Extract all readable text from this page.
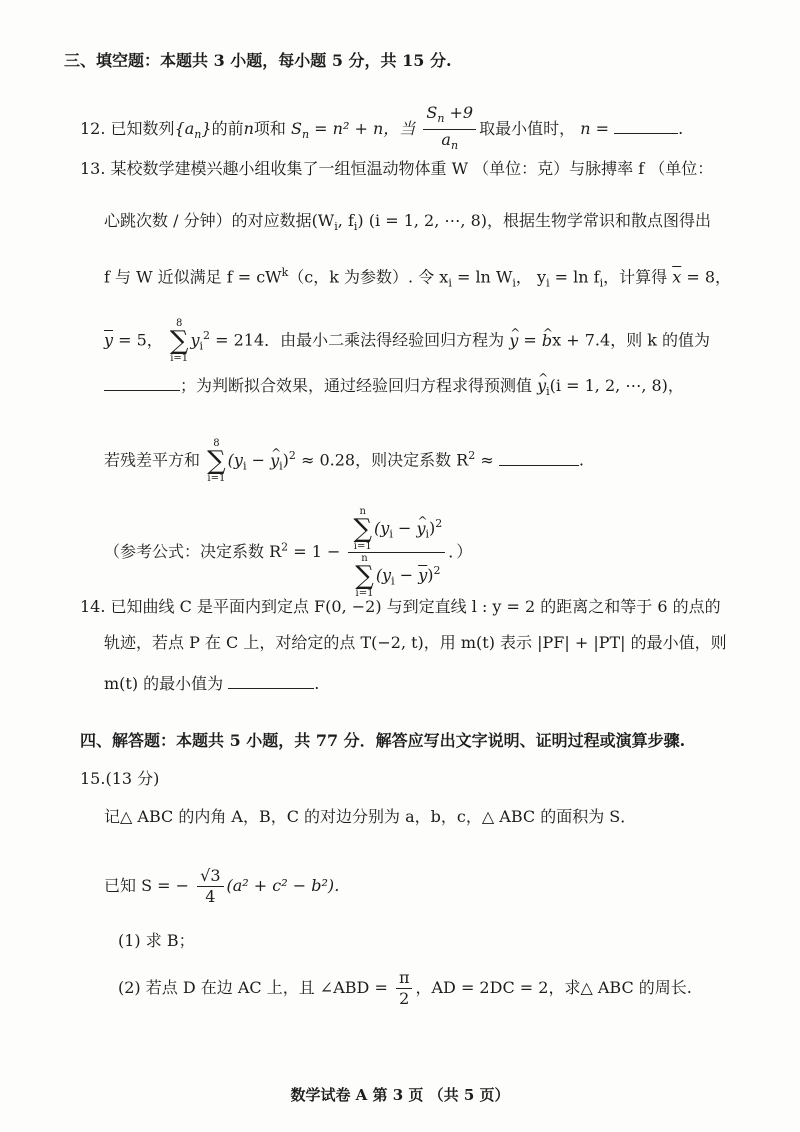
三、填空题：本题共 3 小题，每小题 5 分，共 15 分.
12. 已知数列$\{a_n\}$的前n项和 $S_n = n^2 + n$，当 $\frac{S_n +9}{a_n}$ 取最小值时， n =	.
13. 某校数学建模兴趣小组收集了一组恒温动物体重 W （单位：克）与脉搏率 f （单位：
心跳次数 / 分钟）的对应数据($W_i$, $f_i$) (i = 1, 2, ⋯, 8)，根据生物学常识和散点图得出
f 与 W 近似满足 $f = cW^k(c$，k 为参数）. 令 $x_i = \ln W_i$， $y_i = \ln f_i$，计算得 $\overline{x} = 8$，
$\overline{y} = 5$，
8
∑
i=1
$y_i^2 = 214$．由最小二乘法得经验回归方程为 ^ y = ^ bx + 7.4，则 k 的值为
；为判断拟合效果，通过经验回归方程求得预测值 ^ $y_i(i = 1$, 2, ⋯, 8)，
若残差平方和
8
∑
i=1
($y_i$ − ^ $y_i)^2 \approx 0.28$，则决定系数 $R^2$ ≈	.
（参考公式：决定系数 $R^2 = 1 - n$
∑
i=1
($y_i$ − ^ $y_i)^2$
n
∑
i=1
$(y_i - \overline{y})^2$ ．）
14. 已知曲线 C 是平面内到定点 F(0, −2) 与到定直线 l : y = 2 的距离之和等于 6 的点的
轨迹，若点 P 在 C 上，对给定的点 T(−2, t)，用 m(t) 表示 |PF| + |PT| 的最小值，则
m(t) 的最小值为	.
四、解答题：本题共 5 小题，共 77 分．解答应写出文字说明、证明过程或演算步骤.
15.(13 分)
记△ ABC 的内角 A，B，C 的对边分别为 a，b，c，△ ABC 的面积为 S．
已知 S = − $\frac{√3}{4} (a^2 + c^2 - b^2)$．
(1) 求 B；
(2) 若点 D 在边 AC 上，且 ∠ABD = $\frac{\pi}{2}$ ，AD = 2DC = 2，求△ ABC 的周长.
数学试卷 A 第 3 页 （共 5 页）
